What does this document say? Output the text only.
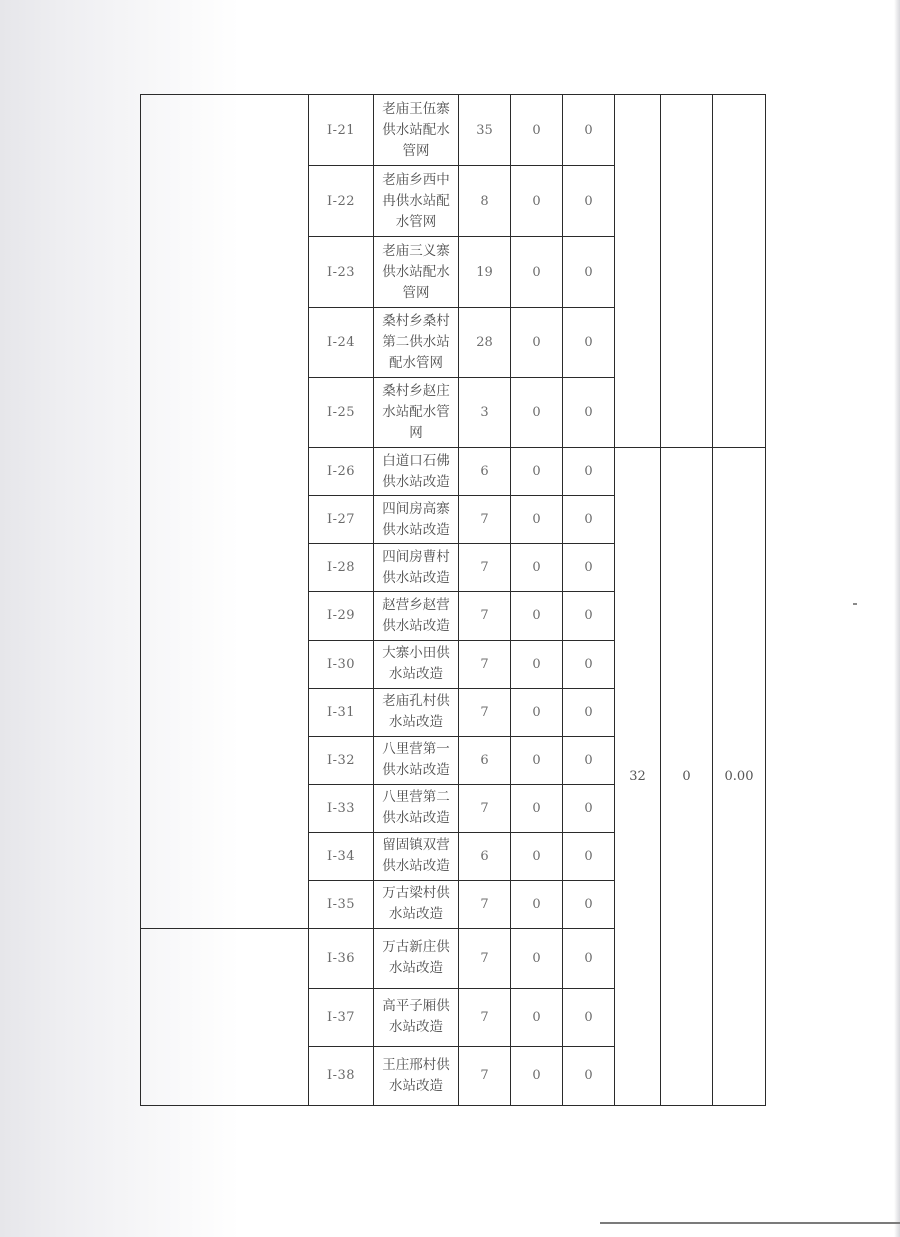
	I-21	老庙王伍寨
供水站配水
管网	35	0	0			
	I-22	老庙乡西中
冉供水站配
水管网	8	0	0			
	I-23	老庙三义寨
供水站配水
管网	19	0	0			
	I-24	桑村乡桑村
第二供水站
配水管网	28	0	0			
	I-25	桑村乡赵庄
水站配水管
网	3	0	0			
	I-26	白道口石佛
供水站改造	6	0	0	32	0	0.00
	I-27	四间房高寨
供水站改造	7	0	0			
	I-28	四间房曹村
供水站改造	7	0	0			
	I-29	赵营乡赵营
供水站改造	7	0	0			
	I-30	大寨小田供
水站改造	7	0	0			
	I-31	老庙孔村供
水站改造	7	0	0			
	I-32	八里营第一
供水站改造	6	0	0			
	I-33	八里营第二
供水站改造	7	0	0			
	I-34	留固镇双营
供水站改造	6	0	0			
	I-35	万古梁村供
水站改造	7	0	0			
	I-36	万古新庄供
水站改造	7	0	0			
	I-37	高平子厢供
水站改造	7	0	0			
	I-38	王庄邢村供
水站改造	7	0	0			
